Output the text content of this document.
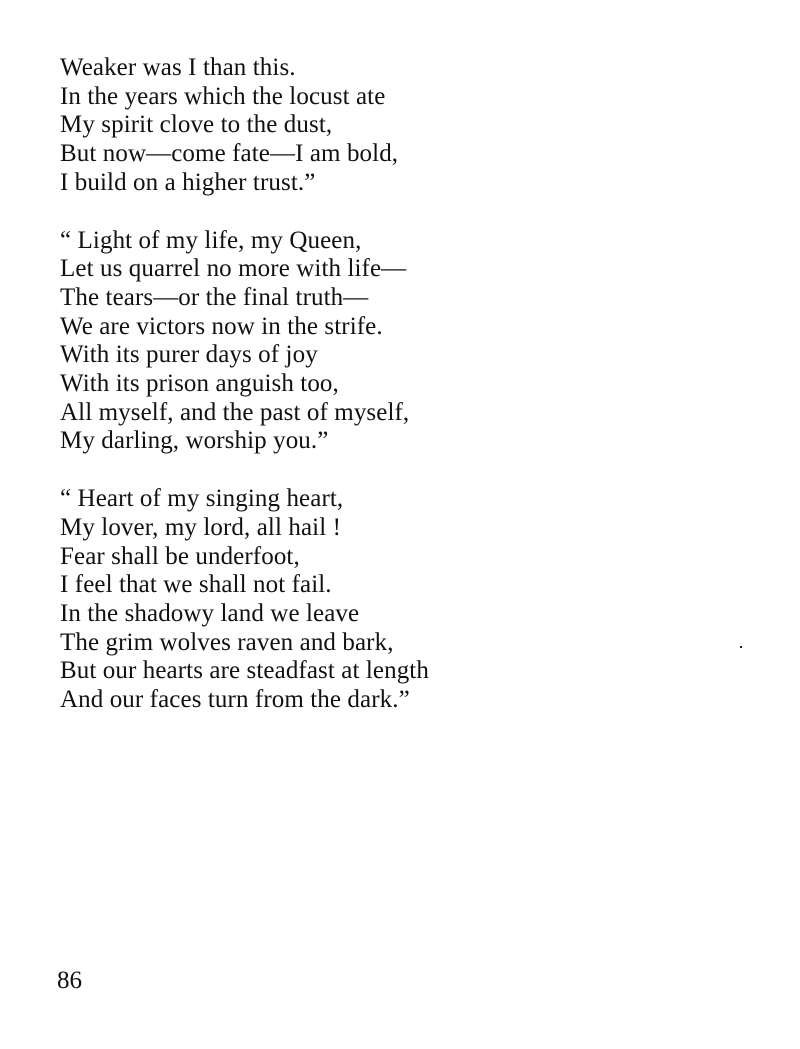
Weaker was I than this.
In the years which the locust ate
My spirit clove to the dust,
But now—come fate—I am bold,
I build on a higher trust.”
“ Light of my life, my Queen,
Let us quarrel no more with life—
The tears—or the final truth—
We are victors now in the strife.
With its purer days of joy
With its prison anguish too,
All myself, and the past of myself,
My darling, worship you.”
“ Heart of my singing heart,
My lover, my lord, all hail !
Fear shall be underfoot,
I feel that we shall not fail.
In the shadowy land we leave
The grim wolves raven and bark,
But our hearts are steadfast at length
And our faces turn from the dark.”
86
